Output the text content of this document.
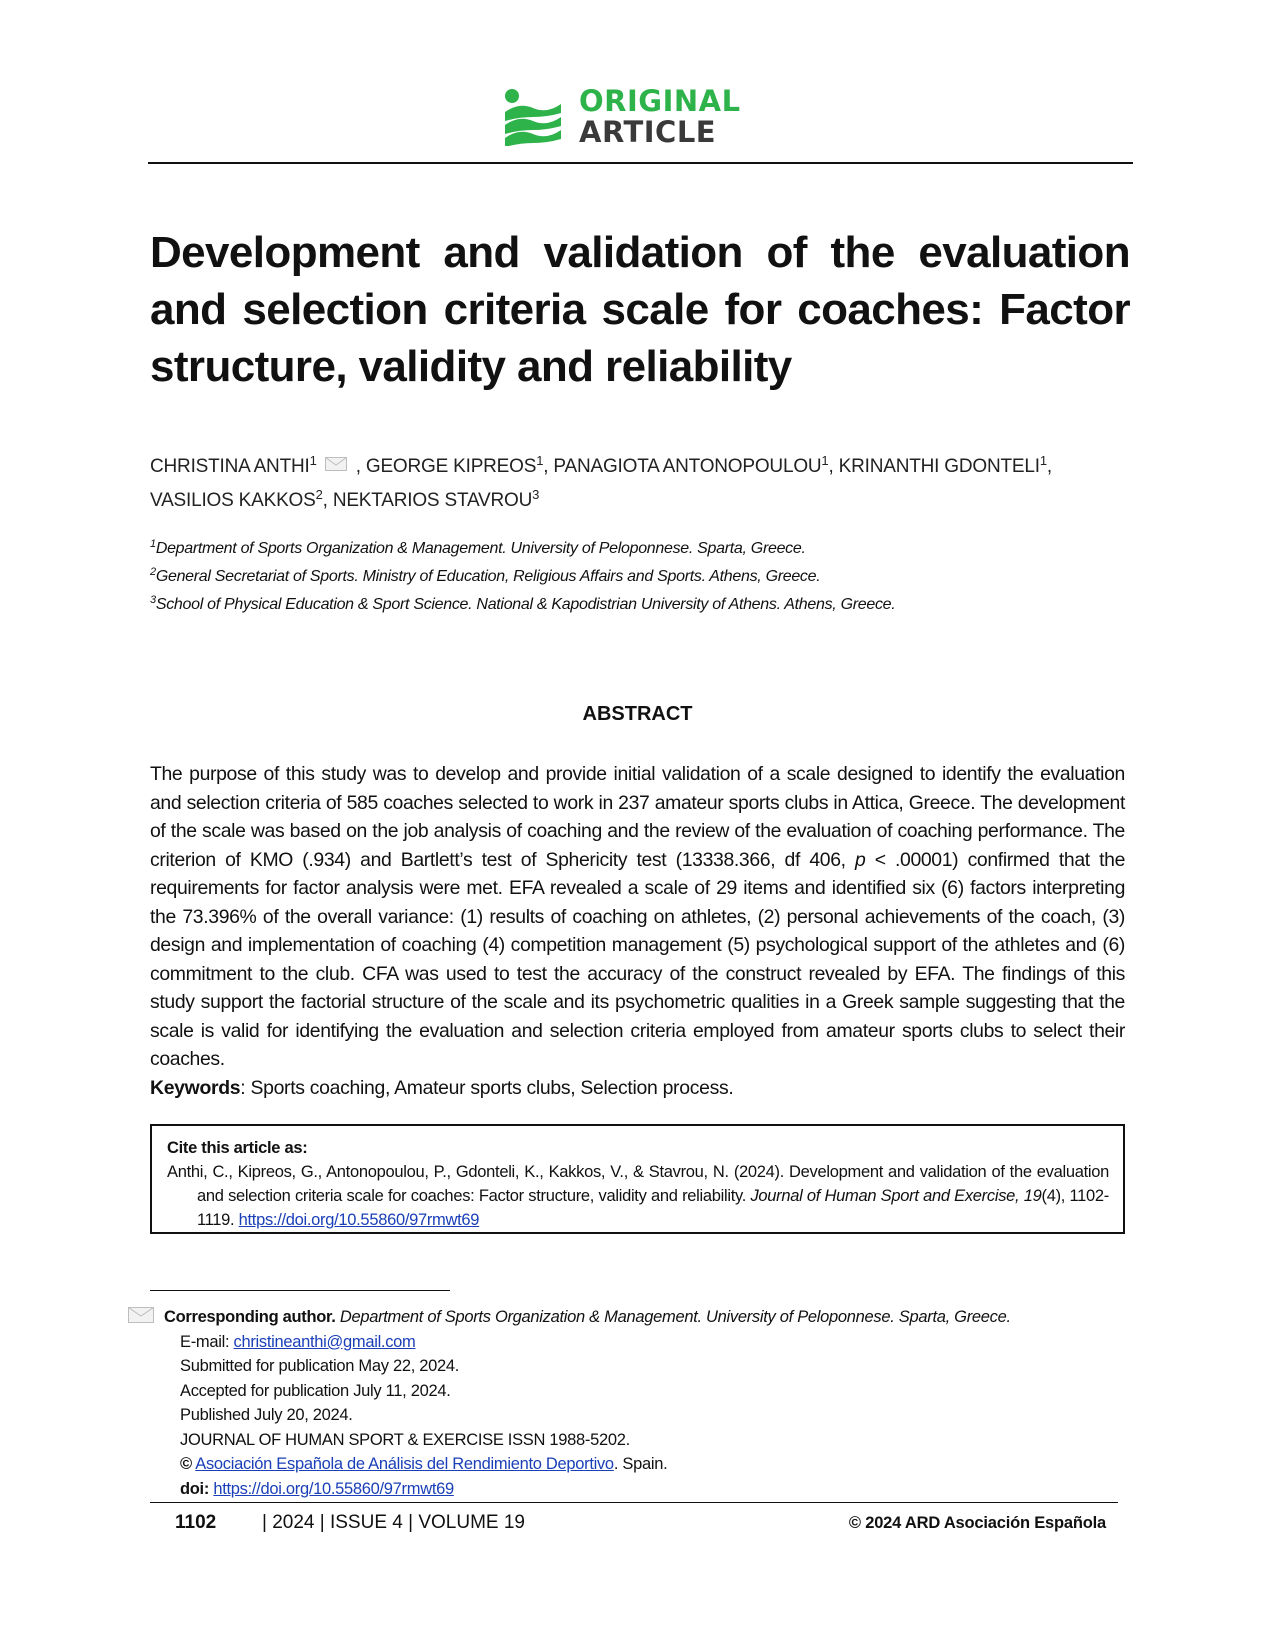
ORIGINAL
ARTICLE
Development and validation of the evaluation and selection criteria scale for coaches: Factor structure, validity and reliability
CHRISTINA ANTHI$^1$ , GEORGE KIPREOS$^1$, PANAGIOTA ANTONOPOULOU$^1$, KRINANTHI GDONTELI$^1$,
VASILIOS KAKKOS$^2$, NEKTARIOS STAVROU$^3$
$^1$Department of Sports Organization & Management. University of Peloponnese. Sparta, Greece.
$^2$General Secretariat of Sports. Ministry of Education, Religious Affairs and Sports. Athens, Greece.
$^3$School of Physical Education & Sport Science. National & Kapodistrian University of Athens. Athens, Greece.
ABSTRACT
The purpose of this study was to develop and provide initial validation of a scale designed to identify the evaluation and selection criteria of 585 coaches selected to work in 237 amateur sports clubs in Attica, Greece. The development of the scale was based on the job analysis of coaching and the review of the evaluation of coaching performance. The criterion of KMO (.934) and Bartlett’s test of Sphericity test (13338.366, df 406, p < .00001) confirmed that the requirements for factor analysis were met. EFA revealed a scale of 29 items and identified six (6) factors interpreting the 73.396% of the overall variance: (1) results of coaching on athletes, (2) personal achievements of the coach, (3) design and implementation of coaching (4) competition management (5) psychological support of the athletes and (6) commitment to the club. CFA was used to test the accuracy of the construct revealed by EFA. The findings of this study support the factorial structure of the scale and its psychometric qualities in a Greek sample suggesting that the scale is valid for identifying the evaluation and selection criteria employed from amateur sports clubs to select their coaches.
Keywords: Sports coaching, Amateur sports clubs, Selection process.
Cite this article as:
Anthi, C., Kipreos, G., Antonopoulou, P., Gdonteli, K., Kakkos, V., & Stavrou, N. (2024). Development and validation of the evaluation and selection criteria scale for coaches: Factor structure, validity and reliability. Journal of Human Sport and Exercise, 19(4), 1102-1119. https://doi.org/10.55860/97rmwt69
Corresponding author. Department of Sports Organization & Management. University of Peloponnese. Sparta, Greece.
E-mail: christineanthi@gmail.com
Submitted for publication May 22, 2024.
Accepted for publication July 11, 2024.
Published July 20, 2024.
JOURNAL OF HUMAN SPORT & EXERCISE ISSN 1988-5202.
© Asociación Española de Análisis del Rendimiento Deportivo. Spain.
doi: https://doi.org/10.55860/97rmwt69
1102 | 2024 | ISSUE 4 | VOLUME 19	© 2024 ARD Asociación Española
